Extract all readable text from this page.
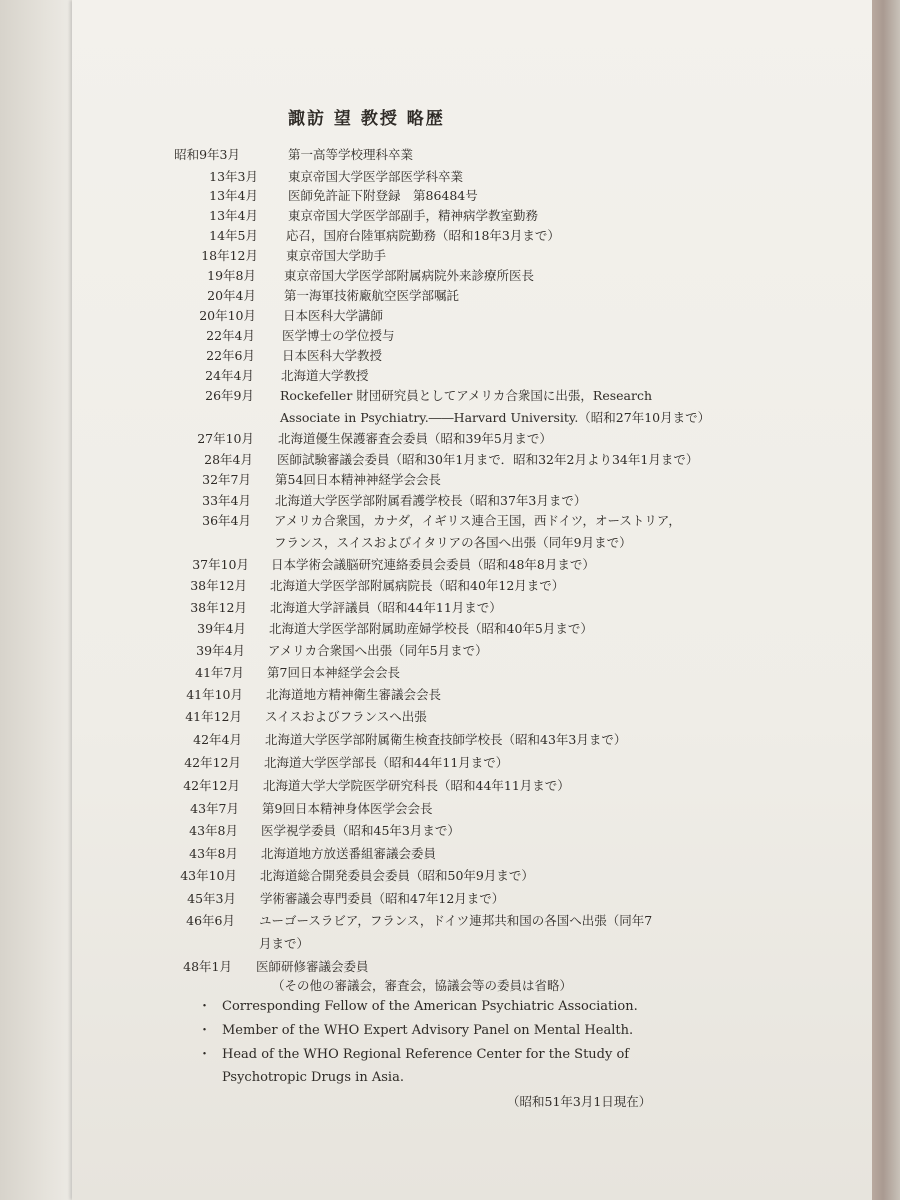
諏訪 望 教授 略歴
昭和9年3月	第一高等学校理科卒業
13年3月 東京帝国大学医学部医学科卒業
13年4月 医師免許証下附登録　第86484号
13年4月 東京帝国大学医学部副手，精神病学教室勤務
14年5月 応召，国府台陸軍病院勤務（昭和18年3月まで）
18年12月 東京帝国大学助手
19年8月 東京帝国大学医学部附属病院外来診療所医長
20年4月 第一海軍技術廠航空医学部嘱託
20年10月 日本医科大学講師
22年4月 医学博士の学位授与
22年6月 日本医科大学教授
24年4月 北海道大学教授
26年9月 Rockefeller 財団研究員としてアメリカ合衆国に出張，Research
Associate in Psychiatry.――Harvard University.（昭和27年10月まで）
27年10月 北海道優生保護審査会委員（昭和39年5月まで）
28年4月 医師試験審議会委員（昭和30年1月まで．昭和32年2月より34年1月まで）
32年7月 第54回日本精神神経学会会長
33年4月 北海道大学医学部附属看護学校長（昭和37年3月まで）
36年4月 アメリカ合衆国，カナダ，イギリス連合王国，西ドイツ，オーストリア，
フランス，スイスおよびイタリアの各国へ出張（同年9月まで）
37年10月 日本学術会議脳研究連絡委員会委員（昭和48年8月まで）
38年12月 北海道大学医学部附属病院長（昭和40年12月まで）
38年12月 北海道大学評議員（昭和44年11月まで）
39年4月 北海道大学医学部附属助産婦学校長（昭和40年5月まで）
39年4月 アメリカ合衆国へ出張（同年5月まで）
41年7月 第7回日本神経学会会長
41年10月 北海道地方精神衛生審議会会長
41年12月 スイスおよびフランスへ出張
42年4月 北海道大学医学部附属衛生検査技師学校長（昭和43年3月まで）
42年12月 北海道大学医学部長（昭和44年11月まで）
42年12月 北海道大学大学院医学研究科長（昭和44年11月まで）
43年7月 第9回日本精神身体医学会会長
43年8月 医学視学委員（昭和45年3月まで）
43年8月 北海道地方放送番組審議会委員
43年10月 北海道総合開発委員会委員（昭和50年9月まで）
45年3月 学術審議会専門委員（昭和47年12月まで）
46年6月 ユーゴースラビア，フランス，ドイツ連邦共和国の各国へ出張（同年7
月まで）
48年1月 医師研修審議会委員
（その他の審議会，審査会，協議会等の委員は省略）
・ Corresponding Fellow of the American Psychiatric Association.
・ Member of the WHO Expert Advisory Panel on Mental Health.
・ Head of the WHO Regional Reference Center for the Study of
Psychotropic Drugs in Asia.
（昭和51年3月1日現在）
